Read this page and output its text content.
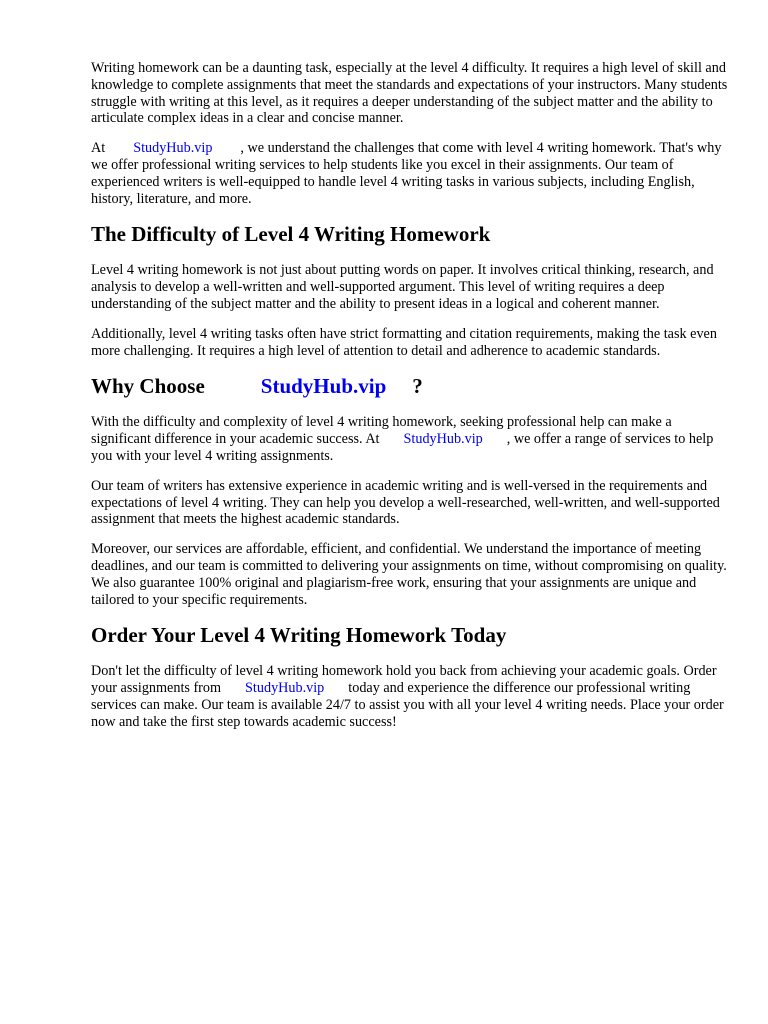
Writing homework can be a daunting task, especially at the level 4 difficulty. It requires a high level of skill and knowledge to complete assignments that meet the standards and expectations of your instructors. Many students struggle with writing at this level, as it requires a deeper understanding of the subject matter and the ability to articulate complex ideas in a clear and concise manner.

At StudyHub.vip , we understand the challenges that come with level 4 writing homework. That's why we offer professional writing services to help students like you excel in their assignments. Our team of experienced writers is well-equipped to handle level 4 writing tasks in various subjects, including English, history, literature, and more.

The Difficulty of Level 4 Writing Homework

Level 4 writing homework is not just about putting words on paper. It involves critical thinking, research, and analysis to develop a well-written and well-supported argument. This level of writing requires a deep understanding of the subject matter and the ability to present ideas in a logical and coherent manner.

Additionally, level 4 writing tasks often have strict formatting and citation requirements, making the task even more challenging. It requires a high level of attention to detail and adherence to academic standards.

Why Choose	StudyHub.vip ?

With the difficulty and complexity of level 4 writing homework, seeking professional help can make a significant difference in your academic success. At StudyHub.vip , we offer a range of services to help you with your level 4 writing assignments.

Our team of writers has extensive experience in academic writing and is well-versed in the requirements and expectations of level 4 writing. They can help you develop a well-researched, well-written, and well-supported assignment that meets the highest academic standards.

Moreover, our services are affordable, efficient, and confidential. We understand the importance of meeting deadlines, and our team is committed to delivering your assignments on time, without compromising on quality. We also guarantee 100% original and plagiarism-free work, ensuring that your assignments are unique and tailored to your specific requirements.

Order Your Level 4 Writing Homework Today

Don't let the difficulty of level 4 writing homework hold you back from achieving your academic goals. Order your assignments from StudyHub.vip today and experience the difference our professional writing services can make. Our team is available 24/7 to assist you with all your level 4 writing needs. Place your order now and take the first step towards academic success!
